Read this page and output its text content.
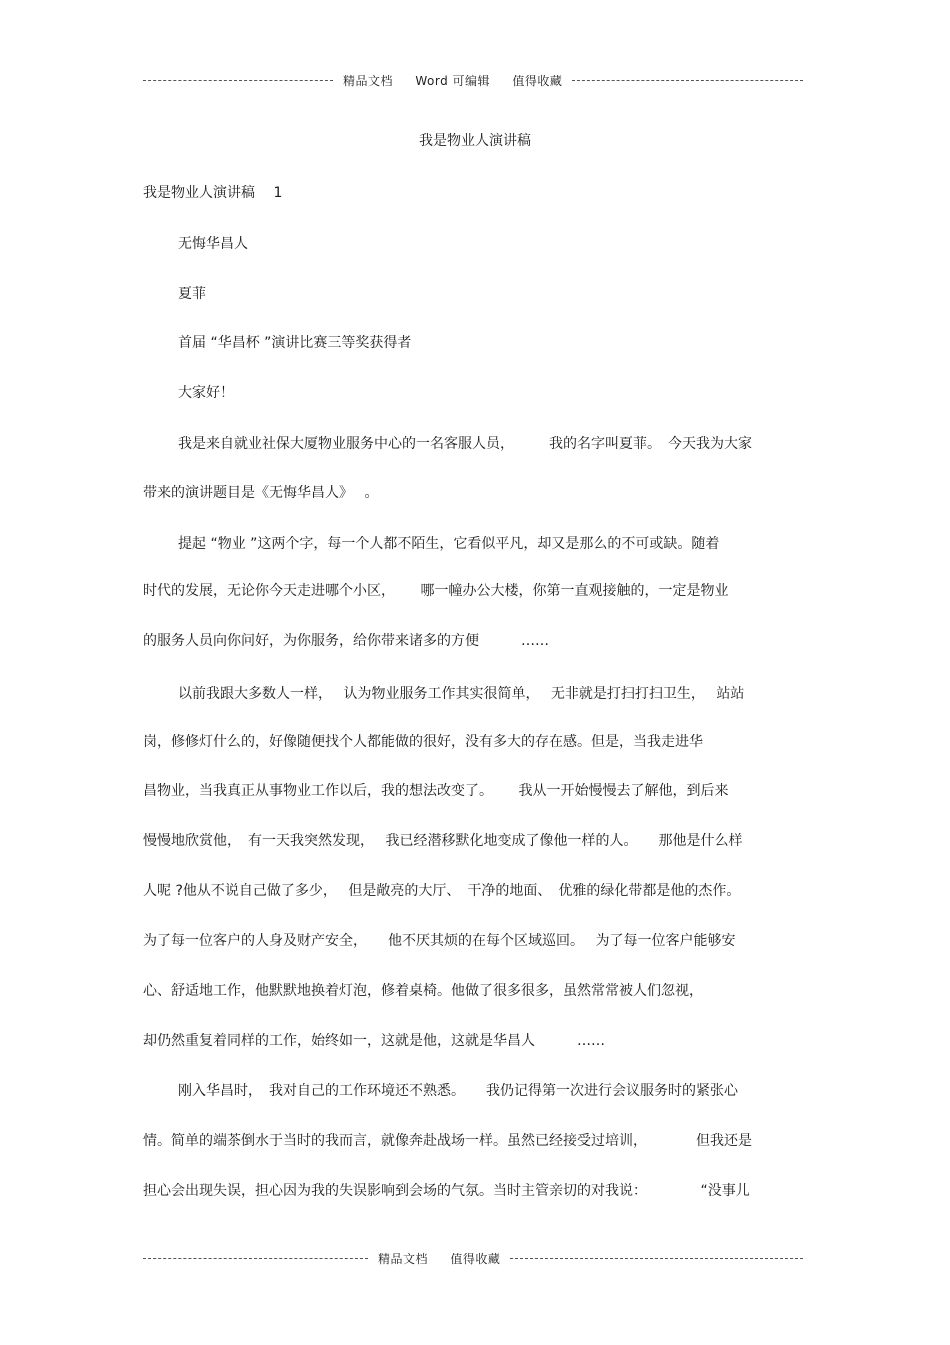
精品文档 Word 可编辑 值得收藏
我是物业人演讲稿
我是物业人演讲稿　 1
无悔华昌人
夏菲
首届 “华昌杯 ”演讲比赛三等奖获得者
大家好！
我是来自就业社保大厦物业服务中心的一名客服人员，　　　我的名字叫夏菲。　今天我为大家
带来的演讲题目是《无悔华昌人》　 。
提起 “物业 ”这两个字，每一个人都不陌生，它看似平凡，却又是那么的不可或缺。随着
时代的发展，无论你今天走进哪个小区，　　 哪一幢办公大楼，你第一直观接触的，一定是物业
的服务人员向你问好，为你服务，给你带来诸多的方便　　　……
以前我跟大多数人一样，　 认为物业服务工作其实很简单，　 无非就是打扫打扫卫生，　 站站
岗，修修灯什么的，好像随便找个人都能做的很好，没有多大的存在感。但是，当我走进华
昌物业，当我真正从事物业工作以后，我的想法改变了。　　 我从一开始慢慢去了解他，到后来
慢慢地欣赏他，　有一天我突然发现，　 我已经潜移默化地变成了像他一样的人。　　那他是什么样
人呢 ?他从不说自己做了多少，　 但是敞亮的大厅、　干净的地面、　优雅的绿化带都是他的杰作。
为了每一位客户的人身及财产安全，　　他不厌其烦的在每个区域巡回。　 为了每一位客户能够安
心、舒适地工作，他默默地换着灯泡，修着桌椅。他做了很多很多，虽然常常被人们忽视，
却仍然重复着同样的工作，始终如一，这就是他，这就是华昌人　　　……
刚入华昌时，　我对自己的工作环境还不熟悉。　　我仍记得第一次进行会议服务时的紧张心
情。简单的端茶倒水于当时的我而言，就像奔赴战场一样。虽然已经接受过培训，　　　　但我还是
担心会出现失误，担心因为我的失误影响到会场的气氛。当时主管亲切的对我说：　　　　 “没事儿
精品文档 值得收藏
